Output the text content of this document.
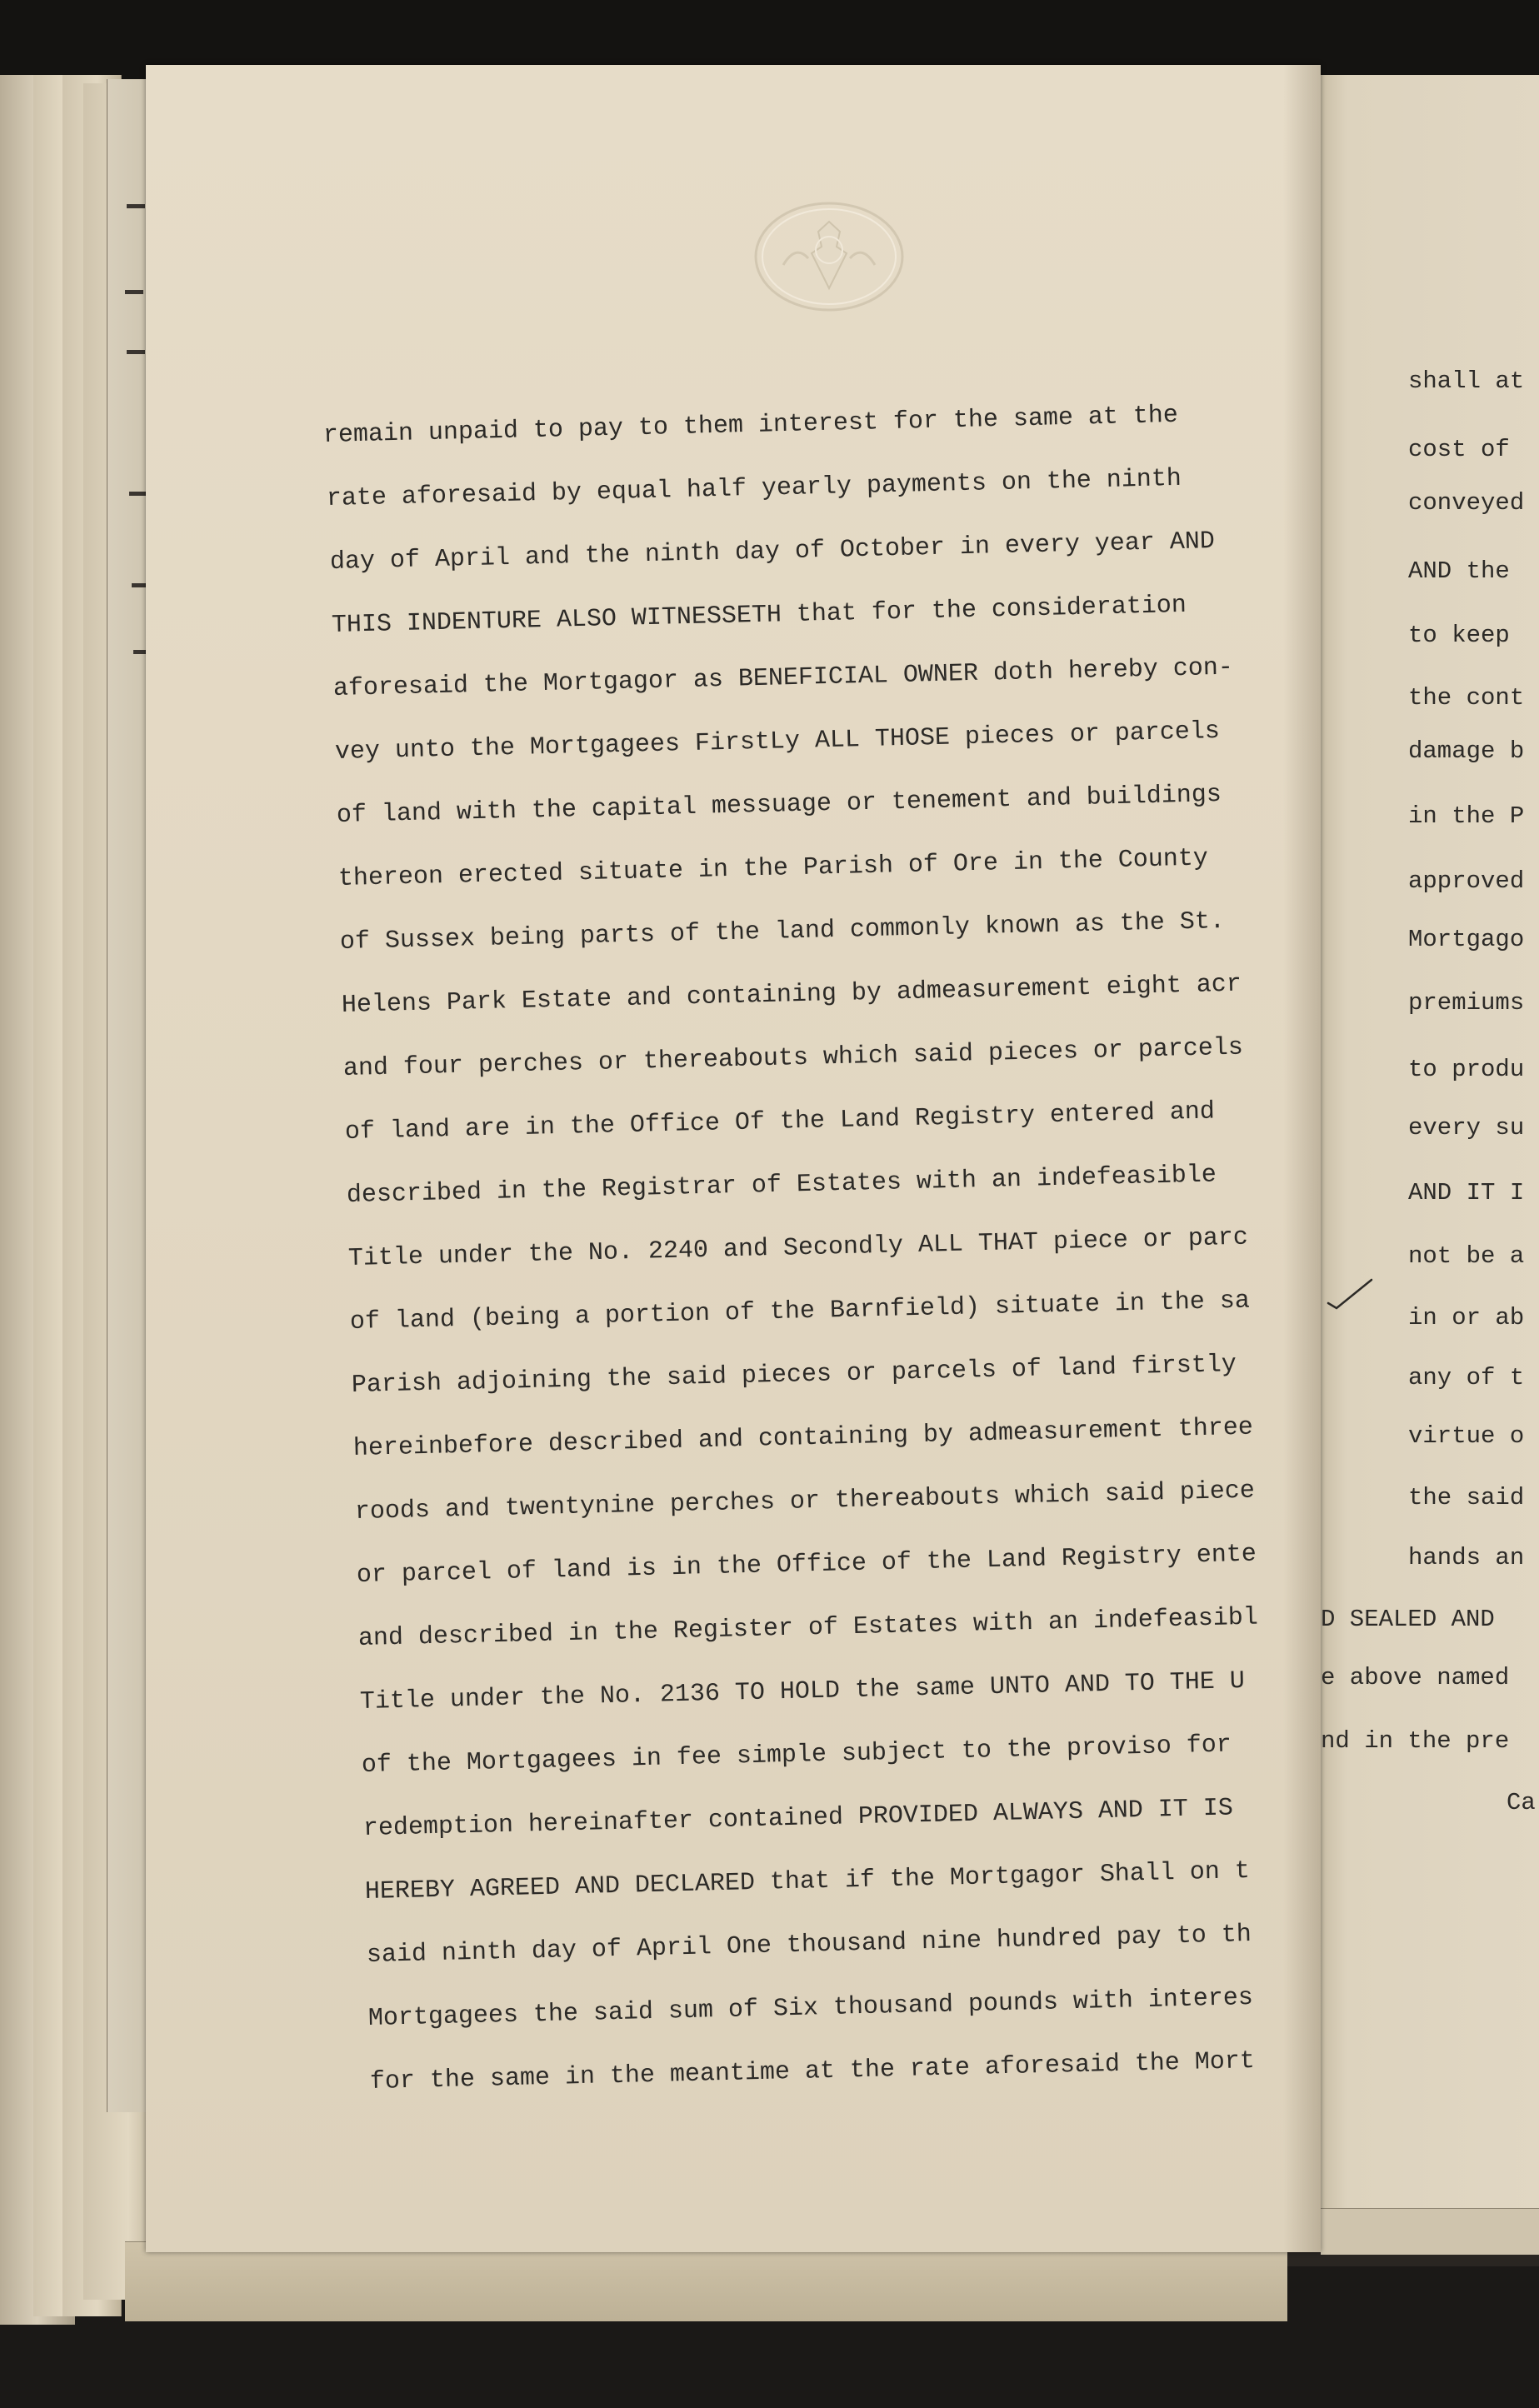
remain unpaid to pay to them interest for the same at the

rate aforesaid by equal half yearly payments on the ninth

day of April and the ninth day of October in every year AND

THIS INDENTURE ALSO WITNESSETH that for the consideration

aforesaid the Mortgagor as BENEFICIAL OWNER doth hereby con-

vey unto the Mortgagees FirstLy ALL THOSE pieces or parcels

of land with the capital messuage or tenement and buildings

thereon erected situate in the Parish of Ore in the County

of Sussex being parts of the land commonly known as the St.

Helens Park Estate and containing by admeasurement eight acr

and four perches or thereabouts which said pieces or parcels

of land are in the Office Of the Land Registry entered and

described in the Registrar of Estates with an indefeasible

Title under the No. 2240 and Secondly ALL THAT piece or parc

of land (being a portion of the Barnfield) situate in the sa

Parish adjoining the said pieces or parcels of land firstly

hereinbefore described and containing by admeasurement three

roods and twentynine perches or thereabouts which said piece

or parcel of land is in the Office of the Land Registry ente

and described in the Register of Estates with an indefeasibl

Title under the No. 2136 TO HOLD the same UNTO AND TO THE U

of the Mortgagees in fee simple subject to the proviso for

redemption hereinafter contained PROVIDED ALWAYS AND IT IS

HEREBY AGREED AND DECLARED that if the Mortgagor Shall on t

said ninth day of April One thousand nine hundred pay to th

Mortgagees the said sum of Six thousand pounds with interes

for the same in the meantime at the rate aforesaid the Mort

shall at

cost of

conveyed

AND the

to keep

the cont

damage b

in the P

approved

Mortgago

premiums

to produ

every su

AND IT I

not be a

in or ab

any of t

virtue o

the said

hands an

D SEALED AND

e above named

nd in the pre

Ca
